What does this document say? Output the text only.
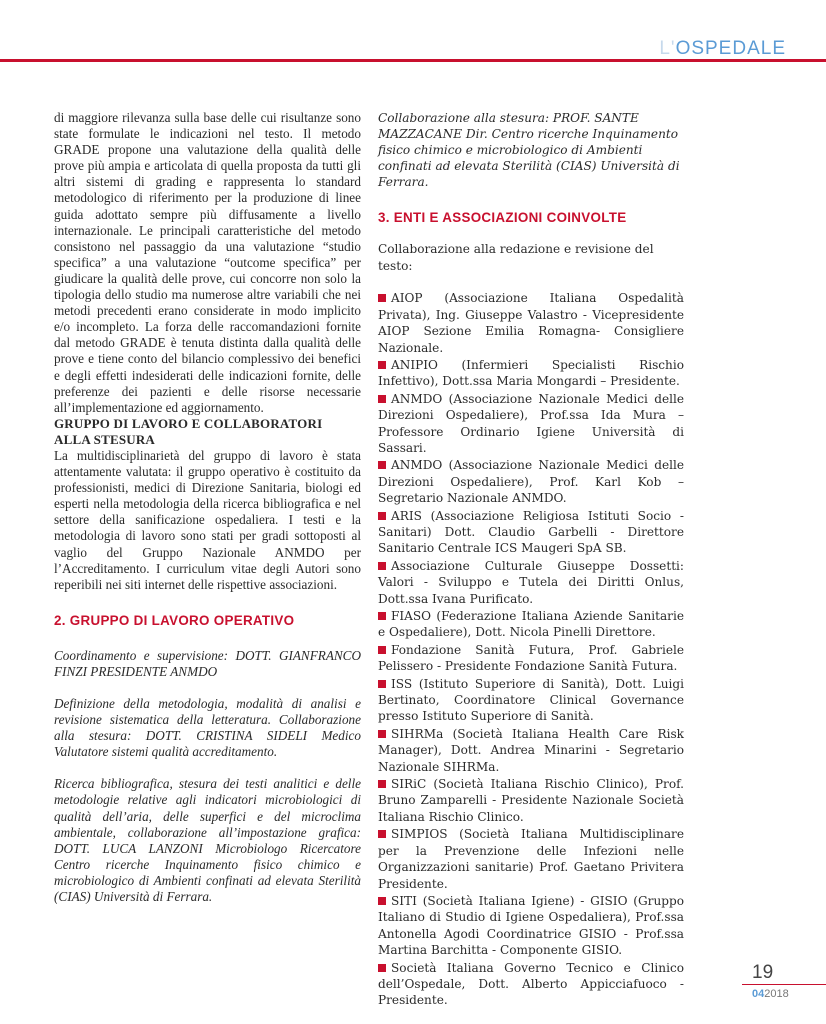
L'OSPEDALE

di maggiore rilevanza sulla base delle cui risultanze sono state formulate le indicazioni nel testo. Il metodo GRADE propone una valutazione della qualità delle prove più ampia e articolata di quella proposta da tutti gli altri sistemi di grading e rappresenta lo standard metodologico di riferimento per la produzione di linee guida adottato sempre più diffusamente a livello internazionale. Le principali caratteristiche del metodo consistono nel passaggio da una valutazione “studio specifica” a una valutazione “outcome specifica” per giudicare la qualità delle prove, cui concorre non solo la tipologia dello studio ma numerose altre variabili che nei metodi precedenti erano considerate in modo implicito e/o incompleto. La forza delle raccomandazioni fornite dal metodo GRADE è tenuta distinta dalla qualità delle prove e tiene conto del bilancio complessivo dei benefici e degli effetti indesiderati delle indicazioni fornite, delle preferenze dei pazienti e delle risorse necessarie all’implementazione ed aggiornamento.

GRUPPO DI LAVORO E COLLABORATORI ALLA STESURA

La multidisciplinarietà del gruppo di lavoro è stata attentamente valutata: il gruppo operativo è costituito da professionisti, medici di Direzione Sanitaria, biologi ed esperti nella metodologia della ricerca bibliografica e nel settore della sanificazione ospedaliera. I testi e la metodologia di lavoro sono stati per gradi sottoposti al vaglio del Gruppo Nazionale ANMDO per l’Accreditamento. I curriculum vitae degli Autori sono reperibili nei siti internet delle rispettive associazioni.

2. GRUPPO DI LAVORO OPERATIVO

Coordinamento e supervisione: DOTT. GIANFRANCO FINZI PRESIDENTE ANMDO

Definizione della metodologia, modalità di analisi e revisione sistematica della letteratura. Collaborazione alla stesura: DOTT. CRISTINA SIDELI Medico Valutatore sistemi qualità accreditamento.

Ricerca bibliografica, stesura dei testi analitici e delle metodologie relative agli indicatori microbiologici di qualità dell’aria, delle superfici e del microclima ambientale, collaborazione all’impostazione grafica: DOTT. LUCA LANZONI Microbiologo Ricercatore Centro ricerche Inquinamento fisico chimico e microbiologico di Ambienti confinati ad elevata Sterilità (CIAS) Università di Ferrara.

Collaborazione alla stesura: PROF. SANTE MAZZACANE Dir. Centro ricerche Inquinamento fisico chimico e microbiologico di Ambienti confinati ad elevata Sterilità (CIAS) Università di Ferrara.

3. ENTI E ASSOCIAZIONI COINVOLTE

Collaborazione alla redazione e revisione del testo:

AIOP (Associazione Italiana Ospedalità Privata), Ing. Giuseppe Valastro - Vicepresidente AIOP Sezione Emilia Romagna- Consigliere Nazionale.
ANIPIO (Infermieri Specialisti Rischio Infettivo), Dott.ssa Maria Mongardi – Presidente.
ANMDO (Associazione Nazionale Medici delle Direzioni Ospedaliere), Prof.ssa Ida Mura – Professore Ordinario Igiene Università di Sassari.
ANMDO (Associazione Nazionale Medici delle Direzioni Ospedaliere), Prof. Karl Kob – Segretario Nazionale ANMDO.
ARIS (Associazione Religiosa Istituti Socio - Sanitari) Dott. Claudio Garbelli - Direttore Sanitario Centrale ICS Maugeri SpA SB.
Associazione Culturale Giuseppe Dossetti: Valori - Sviluppo e Tutela dei Diritti Onlus, Dott.ssa Ivana Purificato.
FIASO (Federazione Italiana Aziende Sanitarie e Ospedaliere), Dott. Nicola Pinelli Direttore.
Fondazione Sanità Futura, Prof. Gabriele Pelissero - Presidente Fondazione Sanità Futura.
ISS (Istituto Superiore di Sanità), Dott. Luigi Bertinato, Coordinatore Clinical Governance presso Istituto Superiore di Sanità.
SIHRMa (Società Italiana Health Care Risk Manager), Dott. Andrea Minarini - Segretario Nazionale SIHRMa.
SIRiC (Società Italiana Rischio Clinico), Prof. Bruno Zamparelli - Presidente Nazionale Società Italiana Rischio Clinico.
SIMPIOS (Società Italiana Multidisciplinare per la Prevenzione delle Infezioni nelle Organizzazioni sanitarie) Prof. Gaetano Privitera Presidente.
SITI (Società Italiana Igiene) - GISIO (Gruppo Italiano di Studio di Igiene Ospedaliera), Prof.ssa Antonella Agodi Coordinatrice GISIO - Prof.ssa Martina Barchitta - Componente GISIO.
Società Italiana Governo Tecnico e Clinico dell’Ospedale, Dott. Alberto Appicciafuoco - Presidente.
19
042018
